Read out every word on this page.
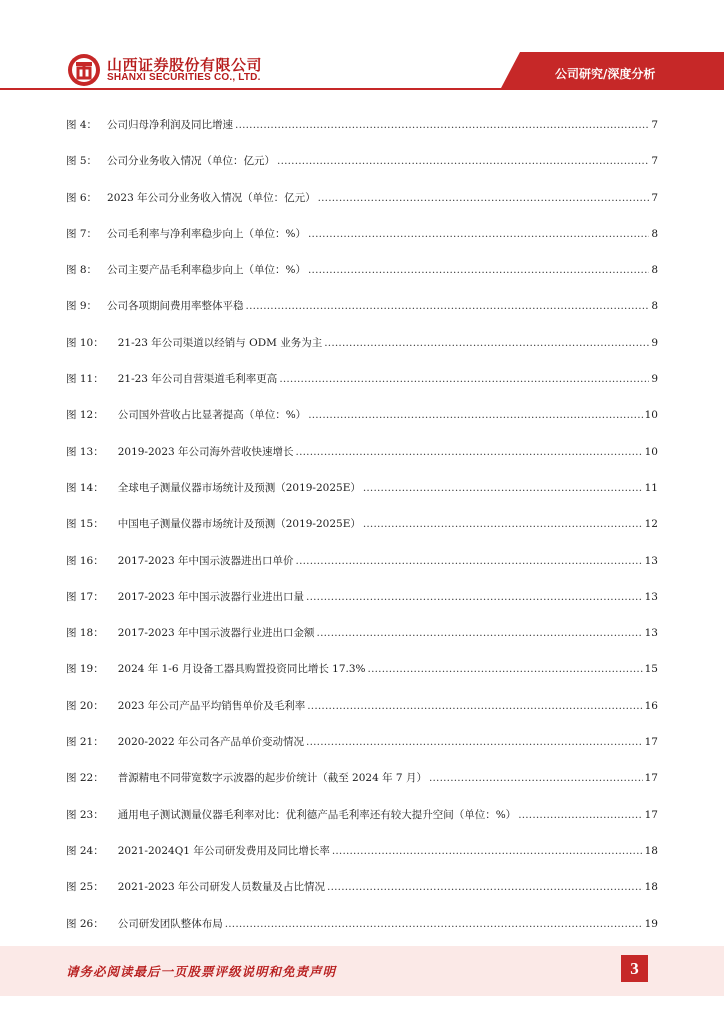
山西证券股份有限公司
SHANXI SECURITIES CO., LTD.	公司研究/深度分析
图 4： 公司归母净利润及同比增速 .....	7
图 5： 公司分业务收入情况（单位：亿元） .....	7
图 6： 2023 年公司分业务收入情况（单位：亿元） .....	7
图 7： 公司毛利率与净利率稳步向上（单位：%） .....	8
图 8： 公司主要产品毛利率稳步向上（单位：%） .....	8
图 9： 公司各项期间费用率整体平稳 .....	8
图 10： 21-23 年公司渠道以经销与 ODM 业务为主 .....	9
图 11： 21-23 年公司自营渠道毛利率更高 .....	9
图 12： 公司国外营收占比显著提高（单位：%） .....	10
图 13： 2019-2023 年公司海外营收快速增长 .....	10
图 14： 全球电子测量仪器市场统计及预测（2019-2025E） .....	11
图 15： 中国电子测量仪器市场统计及预测（2019-2025E） .....	12
图 16： 2017-2023 年中国示波器进出口单价 .....	13
图 17： 2017-2023 年中国示波器行业进出口量 .....	13
图 18： 2017-2023 年中国示波器行业进出口金额 .....	13
图 19： 2024 年 1-6 月设备工器具购置投资同比增长 17.3% .....	15
图 20： 2023 年公司产品平均销售单价及毛利率 .....	16
图 21： 2020-2022 年公司各产品单价变动情况 .....	17
图 22： 普源精电不同带宽数字示波器的起步价统计（截至 2024 年 7 月） .....	17
图 23： 通用电子测试测量仪器毛利率对比：优利德产品毛利率还有较大提升空间（单位：%） .....	17
图 24： 2021-2024Q1 年公司研发费用及同比增长率 .....	18
图 25： 2021-2023 年公司研发人员数量及占比情况 .....	18
图 26： 公司研发团队整体布局 .....	19
请务必阅读最后一页股票评级说明和免责声明	3
